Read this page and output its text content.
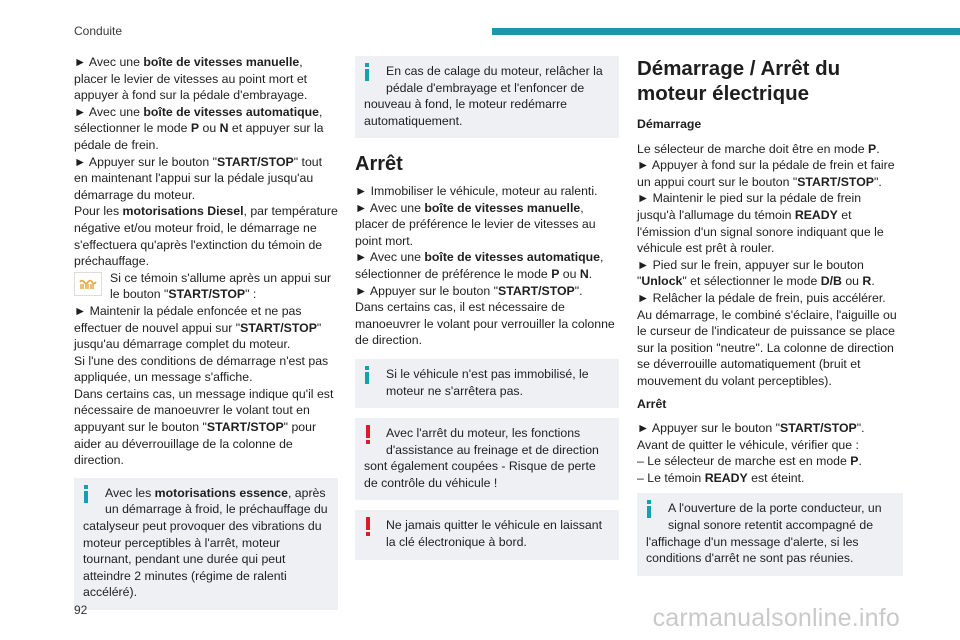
Conduite

► Avec une boîte de vitesses manuelle, placer le levier de vitesses au point mort et appuyer à fond sur la pédale d'embrayage.

► Avec une boîte de vitesses automatique, sélectionner le mode P ou N et appuyer sur la pédale de frein.

► Appuyer sur le bouton "START/STOP" tout en maintenant l'appui sur la pédale jusqu'au démarrage du moteur.

Pour les motorisations Diesel, par température négative et/ou moteur froid, le démarrage ne s'effectuera qu'après l'extinction du témoin de préchauffage.

Si ce témoin s'allume après un appui sur le bouton "START/STOP" :

► Maintenir la pédale enfoncée et ne pas effectuer de nouvel appui sur "START/STOP" jusqu'au démarrage complet du moteur.

Si l'une des conditions de démarrage n'est pas appliquée, un message s'affiche.

Dans certains cas, un message indique qu'il est nécessaire de manoeuvrer le volant tout en appuyant sur le bouton "START/STOP" pour aider au déverrouillage de la colonne de direction.

Avec les motorisations essence, après un démarrage à froid, le préchauffage du catalyseur peut provoquer des vibrations du moteur perceptibles à l'arrêt, moteur tournant, pendant une durée qui peut atteindre 2 minutes (régime de ralenti accéléré).

En cas de calage du moteur, relâcher la pédale d'embrayage et l'enfoncer de nouveau à fond, le moteur redémarre automatiquement.

Arrêt

► Immobiliser le véhicule, moteur au ralenti.

► Avec une boîte de vitesses manuelle, placer de préférence le levier de vitesses au point mort.

► Avec une boîte de vitesses automatique, sélectionner de préférence le mode P ou N.

► Appuyer sur le bouton "START/STOP".

Dans certains cas, il est nécessaire de manoeuvrer le volant pour verrouiller la colonne de direction.

Si le véhicule n'est pas immobilisé, le moteur ne s'arrêtera pas.

Avec l'arrêt du moteur, les fonctions d'assistance au freinage et de direction sont également coupées - Risque de perte de contrôle du véhicule !

Ne jamais quitter le véhicule en laissant la clé électronique à bord.

Démarrage / Arrêt du moteur électrique
Démarrage

Le sélecteur de marche doit être en mode P.

► Appuyer à fond sur la pédale de frein et faire un appui court sur le bouton "START/STOP".

► Maintenir le pied sur la pédale de frein jusqu'à l'allumage du témoin READY et l'émission d'un signal sonore indiquant que le véhicule est prêt à rouler.

► Pied sur le frein, appuyer sur le bouton "Unlock" et sélectionner le mode D/B ou R.

► Relâcher la pédale de frein, puis accélérer.

Au démarrage, le combiné s'éclaire, l'aiguille ou le curseur de l'indicateur de puissance se place sur la position "neutre". La colonne de direction se déverrouille automatiquement (bruit et mouvement du volant perceptibles).

Arrêt

► Appuyer sur le bouton "START/STOP".

Avant de quitter le véhicule, vérifier que :

– Le sélecteur de marche est en mode P.

– Le témoin READY est éteint.

A l'ouverture de la porte conducteur, un signal sonore retentit accompagné de l'affichage d'un message d'alerte, si les conditions d'arrêt ne sont pas réunies.

92	carmanualsonline.info
